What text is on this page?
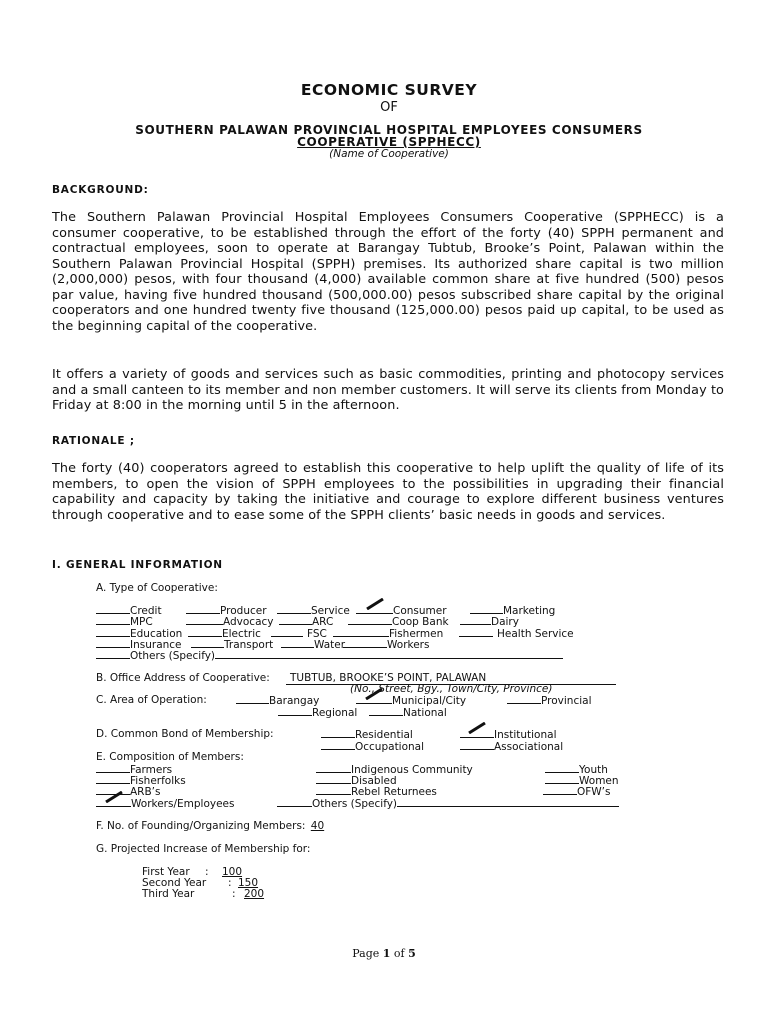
ECONOMIC SURVEY
OF
SOUTHERN PALAWAN PROVINCIAL HOSPITAL EMPLOYEES CONSUMERS
COOPERATIVE (SPPHECC)
(Name of Cooperative)
BACKGROUND:
The Southern Palawan Provincial Hospital Employees Consumers Cooperative (SPPHECC) is a consumer cooperative, to be established through the effort of the forty (40) SPPH permanent and contractual employees, soon to operate at Barangay Tubtub, Brooke’s Point, Palawan within the Southern Palawan Provincial Hospital (SPPH) premises. Its authorized share capital is two million (2,000,000) pesos, with four thousand (4,000) available common share at five hundred (500) pesos par value, having five hundred thousand (500,000.00) pesos subscribed share capital by the original cooperators and one hundred twenty five thousand (125,000.00) pesos paid up capital, to be used as the beginning capital of the cooperative.
It offers a variety of goods and services such as basic commodities, printing and photocopy services and a small canteen to its member and non member customers. It will serve its clients from Monday to Friday at 8:00 in the morning until 5 in the afternoon.
RATIONALE ;
The forty (40) cooperators agreed to establish this cooperative to help uplift the quality of life of its members, to open the vision of SPPH employees to the possibilities in upgrading their financial capability and capacity by taking the initiative and courage to explore different business ventures through cooperative and to ease some of the SPPH clients’ basic needs in goods and services.
I. GENERAL INFORMATION
A. Type of Cooperative:
Credit	Producer	Service	Consumer	Marketing
MPC	Advocacy	ARC	Coop Bank	Dairy
Education	Electric	FSC	Fishermen	Health Service
Insurance	Transport	Water	Workers
Others (Specify)
B. Office Address of Cooperative:	TUBTUB, BROOKE’S POINT, PALAWAN
(No., Street, Bgy., Town/City, Province)
C. Area of Operation:	Barangay	Municipal/City	Provincial
Regional	National
D. Common Bond of Membership:	Residential	Institutional
Occupational	Associational
E. Composition of Members:
Farmers	Indigenous Community	Youth
Fisherfolks	Disabled	Women
ARB’s	Rebel Returnees	OFW’s
Workers/Employees	Others (Specify)
F. No. of Founding/Organizing Members: 40
G. Projected Increase of Membership for:
First Year : 100
Second Year : 150
Third Year	: 200
Page 1 of 5
